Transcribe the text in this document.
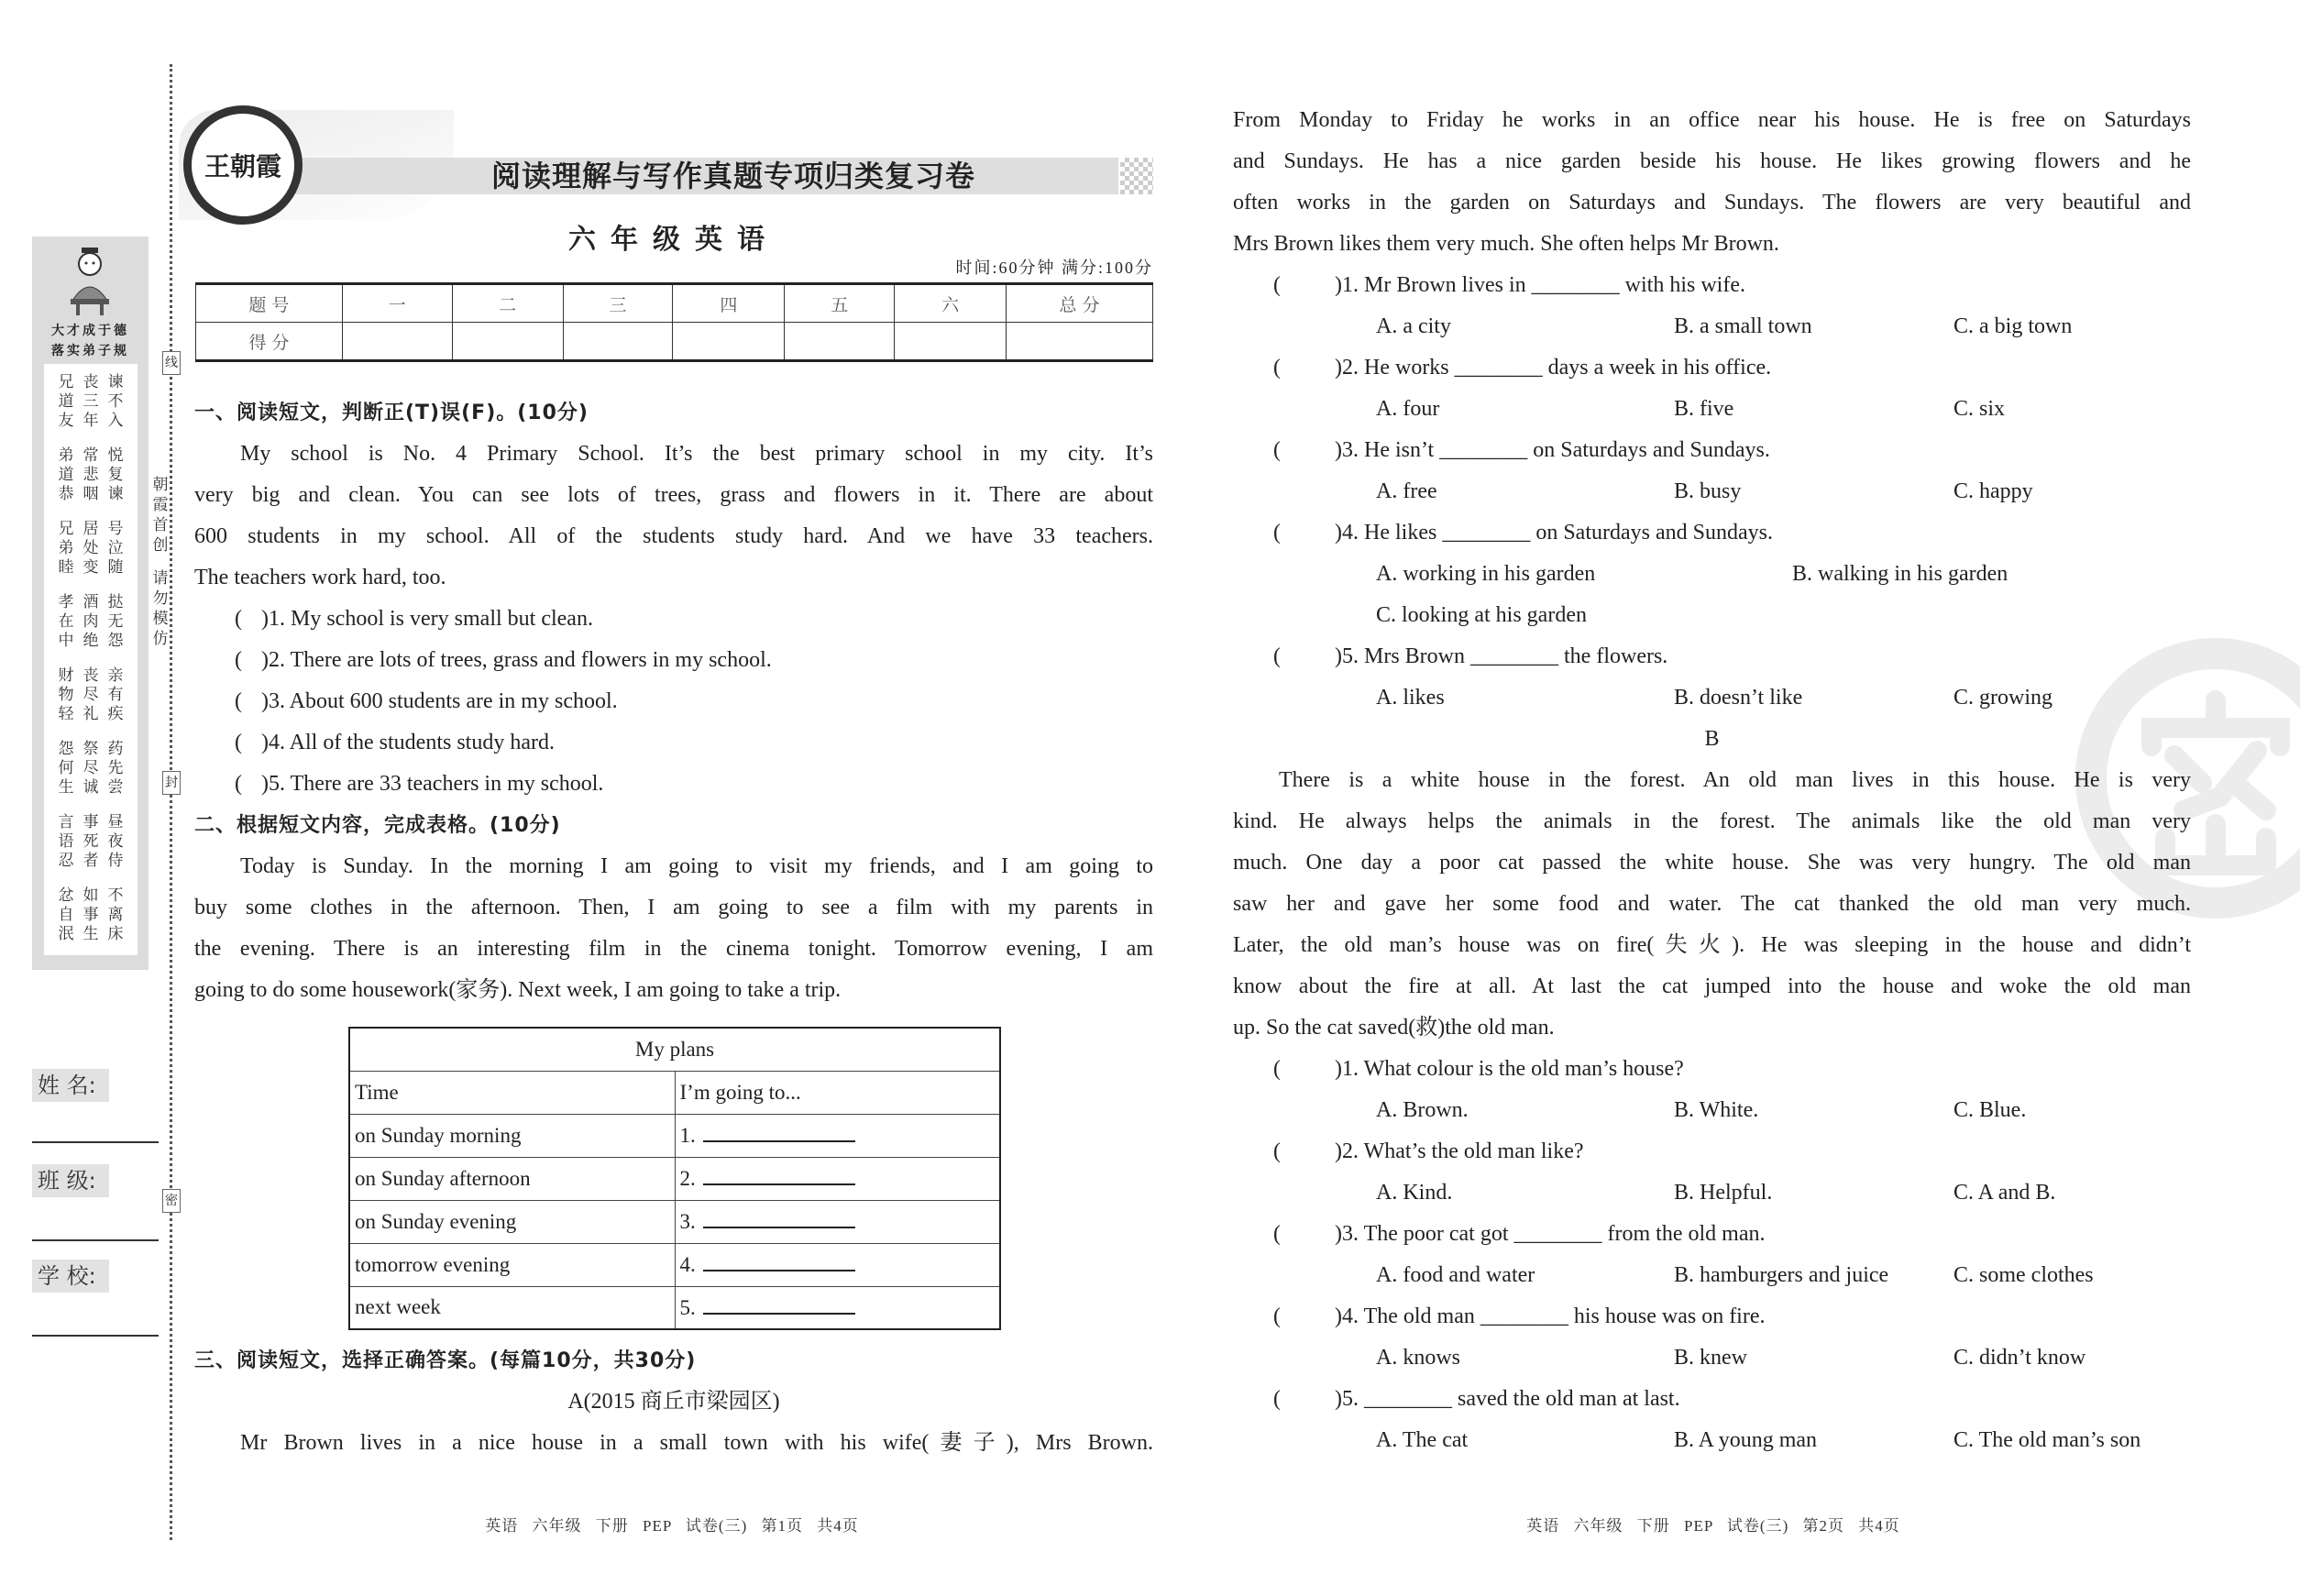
线
封
密
朝霞首创
请勿模仿
大才成于德
落实弟子规
兄丧谏
道三不
友年入
弟常悦
道悲复
恭咽谏
兄居号
弟处泣
睦变随
孝酒挞
在肉无
中绝怨
财丧亲
物尽有
轻礼疾
怨祭药
何尽先
生诚尝
言事昼
语死夜
忍者侍
忿如不
自事离
泯生床
姓 名:
班 级:
学 校:
阅读理解与写作真题专项归类复习卷
王朝霞
六年级英语
时间:60分钟 满分:100分
题 号	一	二	三	四	五	六	总 分
得 分							
一、阅读短文，判断正(T)误(F)。(10分)
My school is No. 4 Primary School. It’s the best primary school in my city. It’s
very big and clean. You can see lots of trees, grass and flowers in it. There are about
600 students in my school. All of the students study hard. And we have 33 teachers.
The teachers work hard, too.
( )1. My school is very small but clean.
( )2. There are lots of trees, grass and flowers in my school.
( )3. About 600 students are in my school.
( )4. All of the students study hard.
( )5. There are 33 teachers in my school.
二、根据短文内容，完成表格。(10分)
Today is Sunday. In the morning I am going to visit my friends, and I am going to
buy some clothes in the afternoon. Then, I am going to see a film with my parents in
the evening. There is an interesting film in the cinema tonight. Tomorrow evening, I am
going to do some housework(家务). Next week, I am going to take a trip.
My plans	
Time	I’m going to...
on Sunday morning	1.
on Sunday afternoon	2.
on Sunday evening	3.
tomorrow evening	4.
next week	5.
三、阅读短文，选择正确答案。(每篇10分，共30分)
A(2015 商丘市梁园区)
Mr Brown lives in a nice house in a small town with his wife(妻子), Mrs Brown.
From Monday to Friday he works in an office near his house. He is free on Saturdays
and Sundays. He has a nice garden beside his house. He likes growing flowers and he
often works in the garden on Saturdays and Sundays. The flowers are very beautiful and
Mrs Brown likes them very much. She often helps Mr Brown.
( )1. Mr Brown lives in ________ with his wife.
A. a city	B. a small town	C. a big town
( )2. He works ________ days a week in his office.
A. four	B. five	C. six
( )3. He isn’t ________ on Saturdays and Sundays.
A. free	B. busy	C. happy
( )4. He likes ________ on Saturdays and Sundays.
A. working in his garden	B. walking in his garden
C. looking at his garden
( )5. Mrs Brown ________ the flowers.
A. likes	B. doesn’t like	C. growing
B
There is a white house in the forest. An old man lives in this house. He is very
kind. He always helps the animals in the forest. The animals like the old man very
much. One day a poor cat passed the white house. She was very hungry. The old man
saw her and gave her some food and water. The cat thanked the old man very much.
Later, the old man’s house was on fire(失火). He was sleeping in the house and didn’t
know about the fire at all. At last the cat jumped into the house and woke the old man
up. So the cat saved(救)the old man.
( )1. What colour is the old man’s house?
A. Brown.	B. White.	C. Blue.
( )2. What’s the old man like?
A. Kind.	B. Helpful.	C. A and B.
( )3. The poor cat got ________ from the old man.
A. food and water	B. hamburgers and juice	C. some clothes
( )4. The old man ________ his house was on fire.
A. knows	B. knew	C. didn’t know
( )5. ________ saved the old man at last.
A. The cat	B. A young man	C. The old man’s son
英语 六年级 下册 PEP 试卷(三) 第1页 共4页	英语 六年级 下册 PEP 试卷(三) 第2页 共4页
